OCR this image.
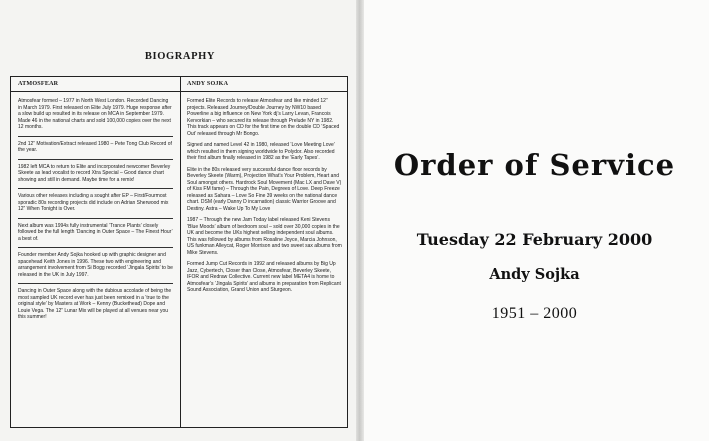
BIOGRAPHY
ATMOSFEAR

Atmosfear formed – 1977 in North West London. Recorded Dancing in March 1979. First released on Elite July 1979. Huge response after a slow build up resulted in its release on MCA in September 1979. Made 46 in the national charts and sold 100,000 copies over the next 12 months.

2nd 12” Motivation/Extract released 1980 – Pete Tong Club Record of the year.

1982 left MCA to return to Elite and incorporated newcomer Beverley Skeete as lead vocalist to record Xtra Special – Good dance chart showing and still in demand. Maybe time for a remix!

Various other releases including a sought after EP – First/Fourmost sporadic 80s recording projects did include on Adrian Sherwood mix 12” When Tonight is Over.

Next album was 1994s fully instrumental ‘Trance Plants’ closely followed be the full length ‘Dancing in Outer Space – The Finest Hour’ a best of.

Founder member Andy Sojka hooked up with graphic designer and spacehead Keith Jones in 1996. These two with engineering and arrangement involvement from Si Bogg recorded ‘Jingala Spirits’ to be released in the UK in July 1997.

Dancing in Outer Space along with the dubious accolade of being the most sampled UK record ever has just been remixed in a ‘true to the original style’ by Masters at Work – Kenny (Buckethead) Dope and Louie Vega. The 12” Lunar Mix will be played at all venues near you this summer!

ANDY SOJKA

Formed Elite Records to release Atmosfear and like minded 12” projects. Released Journey/Double Journey by NW10 based Powerline a big influence on New York dj’s Larry Levan, Francois Kervorkian – who secured its release through Prelude NY in 1982. This track appears on CD for the first time on the double CD ‘Spaced Out’ released through Mr Bongo.

Signed and named Level 42 in 1980, released ‘Love Meeting Love’ which resulted in them signing worldwide to Polydor. Also recorded their first album finally released in 1982 as the ‘Early Tapes’.

Elite in the 80s released very successful dance floor records by Beverley Skeete (Warm), Projection What’s Your Problem, Heart and Soul amongst others. Hardrock Soul Movement (Mac LX and Dave V) of Kiss FM fame) – Through the Pain, Degrees of Love. Deep Freeze released as Sahara – Love So Fine 39 weeks on the national dance chart. DSM (early Danny D incarnation) classic Warrior Groove and Destiny. Astra – Wake Up To My Love

1987 – Through the new Jam Today label released Keni Stevens ‘Blue Moods’ album of bedroom soul – sold over 30,000 copies in the UK and become the UKs highest selling independent soul albums. This was followed by albums from Rosaline Joyce, Marcia Johnson, US funkman Alleycat, Roger Morrison and two sweet sax albums from Mike Stevens.

Formed Jump Cut Records in 1992 and released albums by Big Up Jazz, Cybertech, Closer than Close, Atmosfear, Beverley Skeete, IFOR and Redraw Collective. Current new label META4 is home to Atmosfear’s ‘Jingala Spirits’ and albums in preparation from Replicant Sound Association, Grand Union and Sturgeon.

Order of Service
Tuesday 22 February 2000
Andy Sojka
1951 – 2000
